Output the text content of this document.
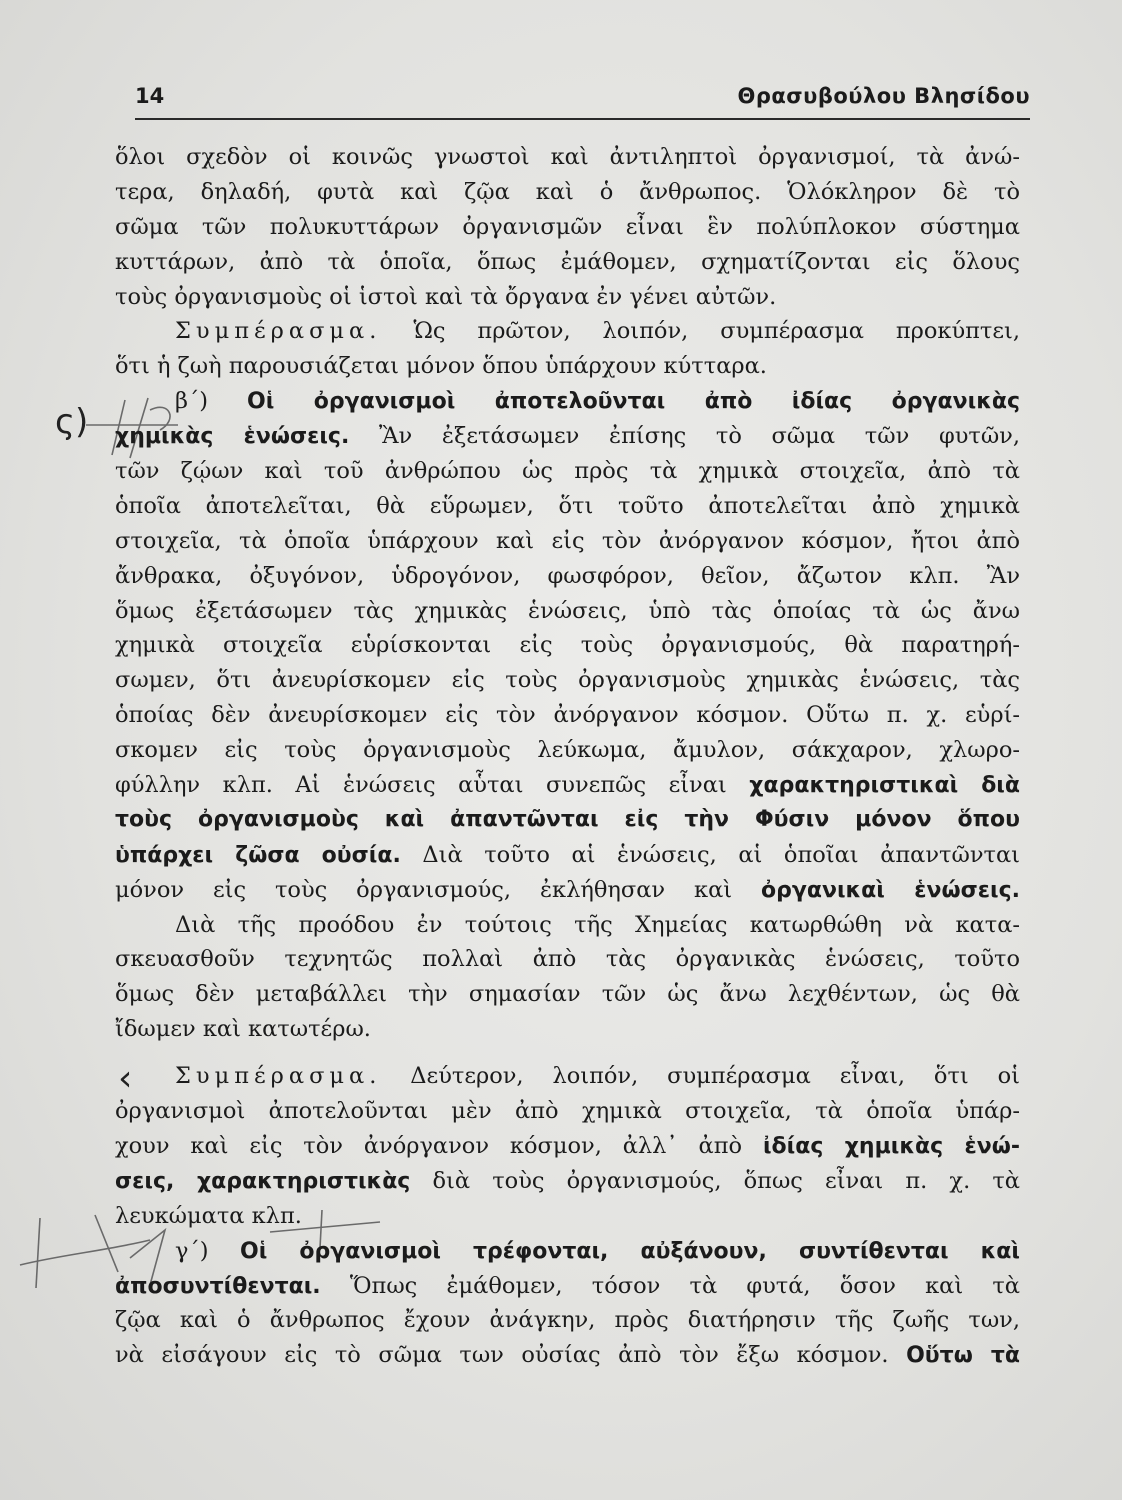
14	Θρασυβούλου Βλησίδου
ς)
‹
ὅλοι σχεδὸν οἱ κοινῶς γνωστοὶ καὶ ἀντιληπτοὶ ὀργανισμοί, τὰ ἀνώ-
τερα, δηλαδή, φυτὰ καὶ ζῷα καὶ ὁ ἄνθρωπος. Ὁλόκληρον δὲ τὸ
σῶμα τῶν πολυκυττάρων ὀργανισμῶν εἶναι ἓν πολύπλοκον σύστημα
κυττάρων, ἀπὸ τὰ ὁποῖα, ὅπως ἐμάθομεν, σχηματίζονται εἰς ὅλους
τοὺς ὀργανισμοὺς οἱ ἱστοὶ καὶ τὰ ὄργανα ἐν γένει αὐτῶν.
Συμπέρασμα. Ὡς πρῶτον, λοιπόν, συμπέρασμα προκύπτει,
ὅτι ἡ ζωὴ παρουσιάζεται μόνον ὅπου ὑπάρχουν κύτταρα.
β΄) Οἱ ὀργανισμοὶ ἀποτελοῦνται ἀπὸ ἰδίας ὀργανικὰς
χημικὰς ἑνώσεις. Ἂν ἐξετάσωμεν ἐπίσης τὸ σῶμα τῶν φυτῶν,
τῶν ζῴων καὶ τοῦ ἀνθρώπου ὡς πρὸς τὰ χημικὰ στοιχεῖα, ἀπὸ τὰ
ὁποῖα ἀποτελεῖται, θὰ εὕρωμεν, ὅτι τοῦτο ἀποτελεῖται ἀπὸ χημικὰ
στοιχεῖα, τὰ ὁποῖα ὑπάρχουν καὶ εἰς τὸν ἀνόργανον κόσμον, ἤτοι ἀπὸ
ἄνθρακα, ὀξυγόνον, ὑδρογόνον, φωσφόρον, θεῖον, ἄζωτον κλπ. Ἂν
ὅμως ἐξετάσωμεν τὰς χημικὰς ἑνώσεις, ὑπὸ τὰς ὁποίας τὰ ὡς ἄνω
χημικὰ στοιχεῖα εὑρίσκονται εἰς τοὺς ὀργανισμούς, θὰ παρατηρή-
σωμεν, ὅτι ἀνευρίσκομεν εἰς τοὺς ὀργανισμοὺς χημικὰς ἑνώσεις, τὰς
ὁποίας δὲν ἀνευρίσκομεν εἰς τὸν ἀνόργανον κόσμον. Οὕτω π. χ. εὑρί-
σκομεν εἰς τοὺς ὀργανισμοὺς λεύκωμα, ἄμυλον, σάκχαρον, χλωρο-
φύλλην κλπ. Αἱ ἑνώσεις αὗται συνεπῶς εἶναι χαρακτηριστικαὶ διὰ
τοὺς ὀργανισμοὺς καὶ ἀπαντῶνται εἰς τὴν Φύσιν μόνον ὅπου
ὑπάρχει ζῶσα οὐσία. Διὰ τοῦτο αἱ ἑνώσεις, αἱ ὁποῖαι ἀπαντῶνται
μόνον εἰς τοὺς ὀργανισμούς, ἐκλήθησαν καὶ ὀργανικαὶ ἑνώσεις.
Διὰ τῆς προόδου ἐν τούτοις τῆς Χημείας κατωρθώθη νὰ κατα-
σκευασθοῦν τεχνητῶς πολλαὶ ἀπὸ τὰς ὀργανικὰς ἑνώσεις, τοῦτο
ὅμως δὲν μεταβάλλει τὴν σημασίαν τῶν ὡς ἄνω λεχθέντων, ὡς θὰ
ἴδωμεν καὶ κατωτέρω.
Συμπέρασμα. Δεύτερον, λοιπόν, συμπέρασμα εἶναι, ὅτι οἱ
ὀργανισμοὶ ἀποτελοῦνται μὲν ἀπὸ χημικὰ στοιχεῖα, τὰ ὁποῖα ὑπάρ-
χουν καὶ εἰς τὸν ἀνόργανον κόσμον, ἀλλ᾽ ἀπὸ ἰδίας χημικὰς ἑνώ-
σεις, χαρακτηριστικὰς διὰ τοὺς ὀργανισμούς, ὅπως εἶναι π. χ. τὰ
λευκώματα κλπ.
γ΄) Οἱ ὀργανισμοὶ τρέφονται, αὐξάνουν, συντίθενται καὶ
ἀποσυντίθενται. Ὅπως ἐμάθομεν, τόσον τὰ φυτά, ὅσον καὶ τὰ
ζῷα καὶ ὁ ἄνθρωπος ἔχουν ἀνάγκην, πρὸς διατήρησιν τῆς ζωῆς των,
νὰ εἰσάγουν εἰς τὸ σῶμα των οὐσίας ἀπὸ τὸν ἔξω κόσμον. Οὕτω τὰ
